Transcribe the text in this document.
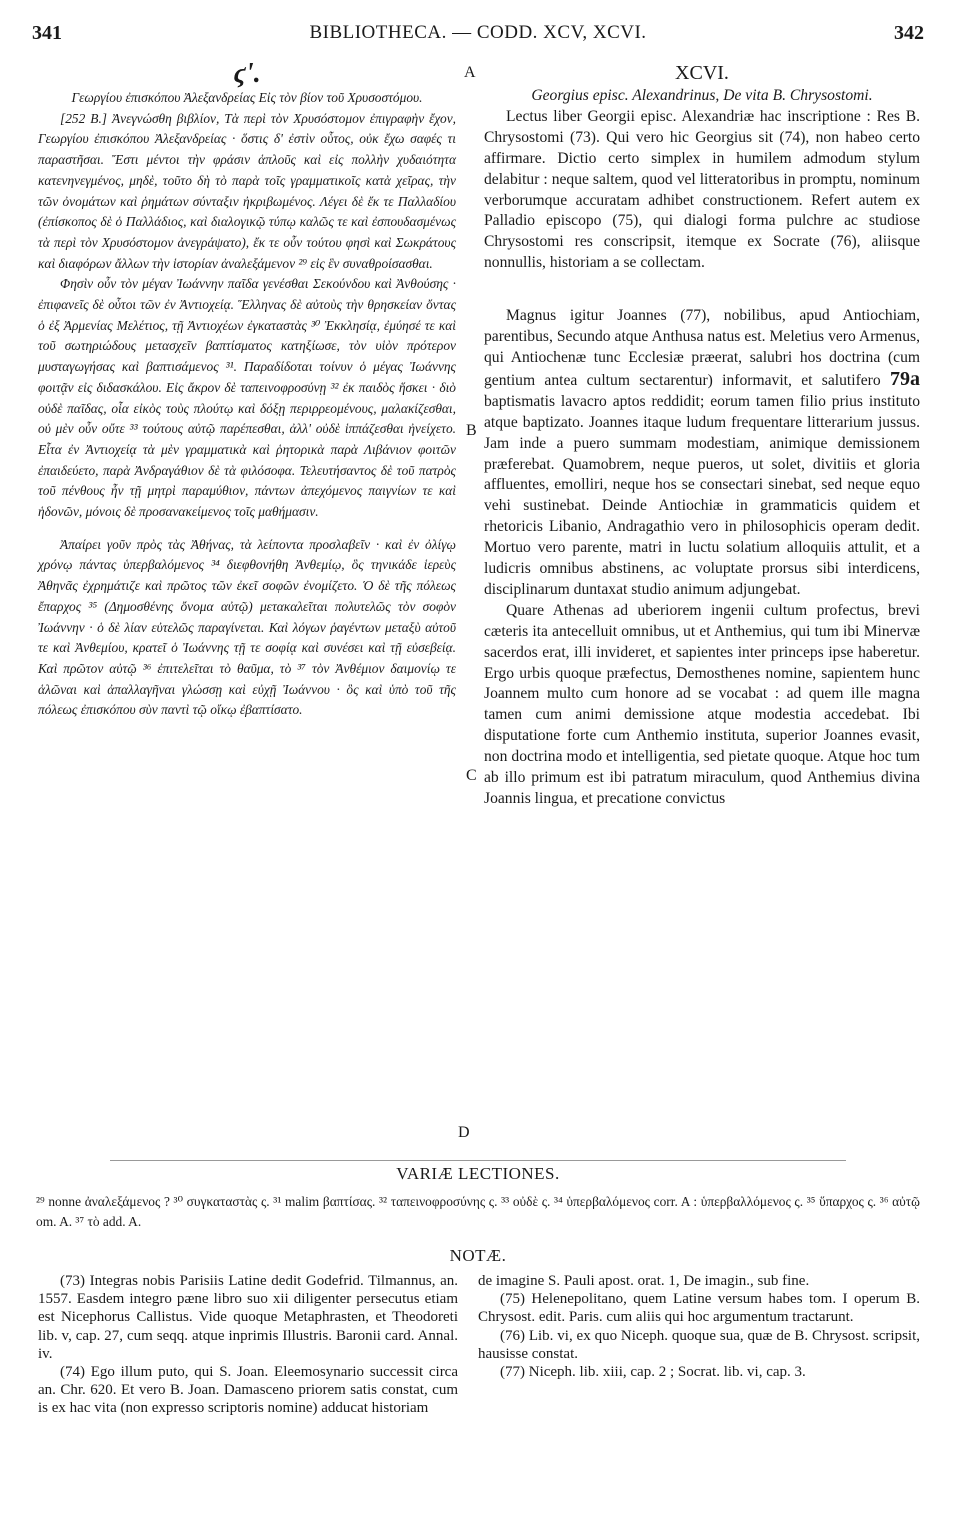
341	BIBLIOTHECA. — CODD. XCV, XCVI.	342
A
B
C
D
ϛ'.

Γεωργίου ἐπισκόπου Ἀλεξανδρείας Εἰς τὸν βίον τοῦ Χρυσοστόμου.

[252 B.] Ἀνεγνώσθη βιβλίον, Τὰ περὶ τὸν Χρυσόστομον ἐπιγραφὴν ἔχον, Γεωργίου ἐπισκόπου Ἀλεξανδρείας · ὅστις δ' ἐστὶν οὗτος, οὐκ ἔχω σαφές τι παραστῆσαι. Ἔστι μέντοι τὴν φράσιν ἁπλοῦς καὶ εἰς πολλὴν χυδαιότητα κατενηνεγμένος, μηδὲ, τοῦτο δὴ τὸ παρὰ τοῖς γραμματικοῖς κατὰ χεῖρας, τὴν τῶν ὀνομάτων καὶ ῥημάτων σύνταξιν ἠκριβωμένος. Λέγει δὲ ἔκ τε Παλλαδίου (ἐπίσκοπος δὲ ὁ Παλλάδιος, καὶ διαλογικῷ τύπῳ καλῶς τε καὶ ἐσπουδασμένως τὰ περὶ τὸν Χρυσόστομον ἀνεγράψατο), ἔκ τε οὖν τούτου φησὶ καὶ Σωκράτους καὶ διαφόρων ἄλλων τὴν ἱστορίαν ἀναλεξάμενον ²⁹ εἰς ἓν συναθροίσασθαι.

Φησὶν οὖν τὸν μέγαν Ἰωάννην παῖδα γενέσθαι Σεκούνδου καὶ Ἀνθούσης · ἐπιφανεῖς δὲ οὗτοι τῶν ἐν Ἀντιοχείᾳ. Ἕλληνας δὲ αὐτοὺς τὴν θρησκείαν ὄντας ὁ ἐξ Ἀρμενίας Μελέτιος, τῇ Ἀντιοχέων ἐγκαταστὰς ³⁰ Ἐκκλησίᾳ, ἐμύησέ τε καὶ τοῦ σωτηριώδους μετασχεῖν βαπτίσματος κατηξίωσε, τὸν υἱὸν πρότερον μυσταγωγήσας καὶ βαπτισάμενος ³¹. Παραδίδοται τοίνυν ὁ μέγας Ἰωάννης φοιτᾷν εἰς διδασκάλου. Εἰς ἄκρον δὲ ταπεινοφροσύνῃ ³² ἐκ παιδὸς ἥσκει · διὸ οὐδὲ παῖδας, οἷα εἰκὸς τοὺς πλούτῳ καὶ δόξῃ περιρρεομένους, μαλακίζεσθαι, οὐ μὲν οὖν οὔτε ³³ τούτους αὐτῷ παρέπεσθαι, ἀλλ' οὐδὲ ἱππάζεσθαι ἠνείχετο. Εἶτα ἐν Ἀντιοχείᾳ τὰ μὲν γραμματικὰ καὶ ῥητορικὰ παρὰ Λιβάνιον φοιτῶν ἐπαιδεύετο, παρὰ Ἀνδραγάθιον δὲ τὰ φιλόσοφα. Τελευτήσαντος δὲ τοῦ πατρὸς τοῦ πένθους ἦν τῇ μητρὶ παραμύθιον, πάντων ἀπεχόμενος παιγνίων τε καὶ ἡδονῶν, μόνοις δὲ προσανακείμενος τοῖς μαθήμασιν.

Ἀπαίρει γοῦν πρὸς τὰς Ἀθήνας, τὰ λείποντα προσλαβεῖν · καὶ ἐν ὀλίγῳ χρόνῳ πάντας ὑπερβαλόμενος ³⁴ διεφθονήθη Ἀνθεμίῳ, ὃς τηνικάδε ἱερεὺς Ἀθηνᾶς ἐχρημάτιζε καὶ πρῶτος τῶν ἐκεῖ σοφῶν ἐνομίζετο. Ὁ δὲ τῆς πόλεως ἔπαρχος ³⁵ (Δημοσθένης ὄνομα αὐτῷ) μετακαλεῖται πολυτελῶς τὸν σοφὸν Ἰωάννην · ὁ δὲ λίαν εὐτελῶς παραγίνεται. Καὶ λόγων ῥαγέντων μεταξὺ αὐτοῦ τε καὶ Ἀνθεμίου, κρατεῖ ὁ Ἰωάννης τῇ τε σοφίᾳ καὶ συνέσει καὶ τῇ εὐσεβείᾳ. Καὶ πρῶτον αὐτῷ ³⁶ ἐπιτελεῖται τὸ θαῦμα, τὸ ³⁷ τὸν Ἀνθέμιον δαιμονίῳ τε ἁλῶναι καὶ ἀπαλλαγῆναι γλώσσῃ καὶ εὐχῇ Ἰωάννου · ὃς καὶ ὑπὸ τοῦ τῆς πόλεως ἐπισκόπου σὺν παντὶ τῷ οἴκῳ ἐβαπτίσατο.

XCVI.

Georgius episc. Alexandrinus, De vita B. Chrysostomi.

Lectus liber Georgii episc. Alexandriæ hac inscriptione : Res B. Chrysostomi (73). Qui vero hic Georgius sit (74), non habeo certo affirmare. Dictio certo simplex in humilem admodum stylum delabitur : neque saltem, quod vel litteratoribus in promptu, nominum verborumque accuratam adhibet constructionem. Refert autem ex Palladio episcopo (75), qui dialogi forma pulchre ac studiose Chrysostomi res conscripsit, itemque ex Socrate (76), aliisque nonnullis, historiam a se collectam.

Magnus igitur Joannes (77), nobilibus, apud Antiochiam, parentibus, Secundo atque Anthusa natus est. Meletius vero Armenus, qui Antiochenæ tunc Ecclesiæ præerat, salubri hos doctrina (cum gentium antea cultum sectarentur) informavit, et salutifero 79a baptismatis lavacro aptos reddidit; eorum tamen filio prius instituto atque baptizato. Joannes itaque ludum frequentare litterarium jussus. Jam inde a puero summam modestiam, animique demissionem præferebat. Quamobrem, neque pueros, ut solet, divitiis et gloria affluentes, emolliri, neque hos se consectari sinebat, sed neque equo vehi sustinebat. Deinde Antiochiæ in grammaticis quidem et rhetoricis Libanio, Andragathio vero in philosophicis operam dedit. Mortuo vero parente, matri in luctu solatium alloquiis attulit, et a ludicris omnibus abstinens, ac voluptate prorsus sibi interdicens, disciplinarum duntaxat studio animum adjungebat.

Quare Athenas ad uberiorem ingenii cultum profectus, brevi cæteris ita antecelluit omnibus, ut et Anthemius, qui tum ibi Minervæ sacerdos erat, illi invideret, et sapientes inter princeps ipse haberetur. Ergo urbis quoque præfectus, Demosthenes nomine, sapientem hunc Joannem multo cum honore ad se vocabat : ad quem ille magna tamen cum animi demissione atque modestia accedebat. Ibi disputatione forte cum Anthemio instituta, superior Joannes evasit, non doctrina modo et intelligentia, sed pietate quoque. Atque hoc tum ab illo primum est ibi patratum miraculum, quod Anthemius divina Joannis lingua, et precatione convictus

VARIÆ LECTIONES.
²⁹ nonne ἀναλεξάμενος ? ³⁰ συγκαταστὰς ς. ³¹ malim βαπτίσας. ³² ταπεινοφροσύνης ς. ³³ οὐδὲ ς. ³⁴ ὑπερβαλόμενος corr. A : ὑπερβαλλόμενος ς. ³⁵ ὕπαρχος ς. ³⁶ αὐτῷ om. A. ³⁷ τὸ add. A.
NOTÆ.

(73) Integras nobis Parisiis Latine dedit Godefrid. Tilmannus, an. 1557. Easdem integro pæne libro suo xii diligenter persecutus etiam est Nicephorus Callistus. Vide quoque Metaphrasten, et Theodoreti lib. v, cap. 27, cum seqq. atque inprimis Illustris. Baronii card. Annal. iv.

(74) Ego illum puto, qui S. Joan. Eleemosynario successit circa an. Chr. 620. Et vero B. Joan. Damasceno priorem satis constat, cum is ex hac vita (non expresso scriptoris nomine) adducat historiam

de imagine S. Pauli apost. orat. 1, De imagin., sub fine.

(75) Helenepolitano, quem Latine versum habes tom. I operum B. Chrysost. edit. Paris. cum aliis qui hoc argumentum tractarunt.

(76) Lib. vi, ex quo Niceph. quoque sua, quæ de B. Chrysost. scripsit, hausisse constat.

(77) Niceph. lib. xiii, cap. 2 ; Socrat. lib. vi, cap. 3.
